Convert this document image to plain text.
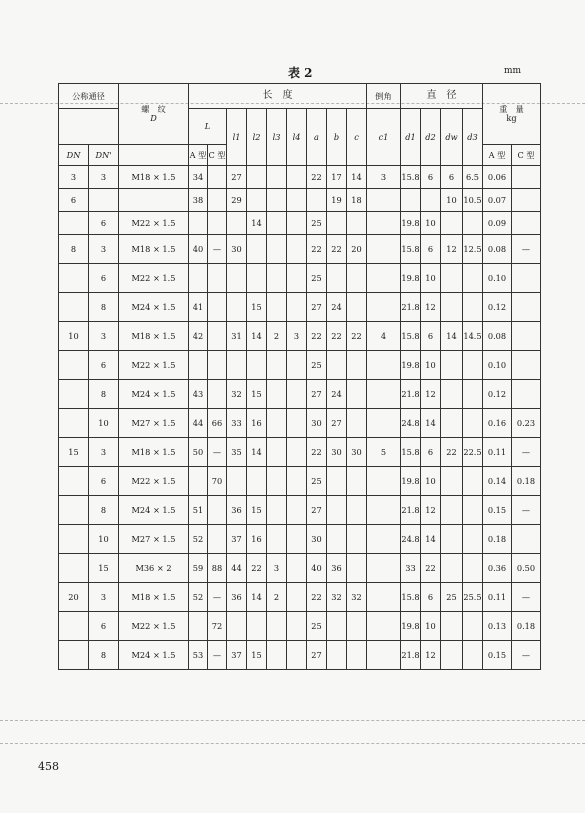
表 2	mm
公称通径		螺　纹
D	长　度									倒角	直　径				重　量
kg	
			L		l1	l2	l3	l4	a	b	c	c1	d1	d2	dw	d3		
DN	DN'		A 型	C 型													A 型	C 型
3	3	M18 × 1.5	34		27				22	17	14	3	15.8	6	6	6.5	0.06	
6			38		29					19	18				10	10.5	0.07	
	6	M22 × 1.5				14			25				19.8	10			0.09	
8	3	M18 × 1.5	40	—	30				22	22	20		15.8	6	12	12.5	0.08	—
	6	M22 × 1.5							25				19.8	10			0.10	
	8	M24 × 1.5	41			15			27	24			21.8	12			0.12	
10	3	M18 × 1.5	42		31	14	2	3	22	22	22	4	15.8	6	14	14.5	0.08	
	6	M22 × 1.5							25				19.8	10			0.10	
	8	M24 × 1.5	43		32	15			27	24			21.8	12			0.12	
	10	M27 × 1.5	44	66	33	16			30	27			24.8	14			0.16	0.23
15	3	M18 × 1.5	50	—	35	14			22	30	30	5	15.8	6	22	22.5	0.11	—
	6	M22 × 1.5		70					25				19.8	10			0.14	0.18
	8	M24 × 1.5	51		36	15			27				21.8	12			0.15	—
	10	M27 × 1.5	52		37	16			30				24.8	14			0.18	
	15	M36 × 2	59	88	44	22	3		40	36			33	22			0.36	0.50
20	3	M18 × 1.5	52	—	36	14	2		22	32	32		15.8	6	25	25.5	0.11	—
	6	M22 × 1.5		72					25				19.8	10			0.13	0.18
	8	M24 × 1.5	53	—	37	15			27				21.8	12			0.15	—
458
